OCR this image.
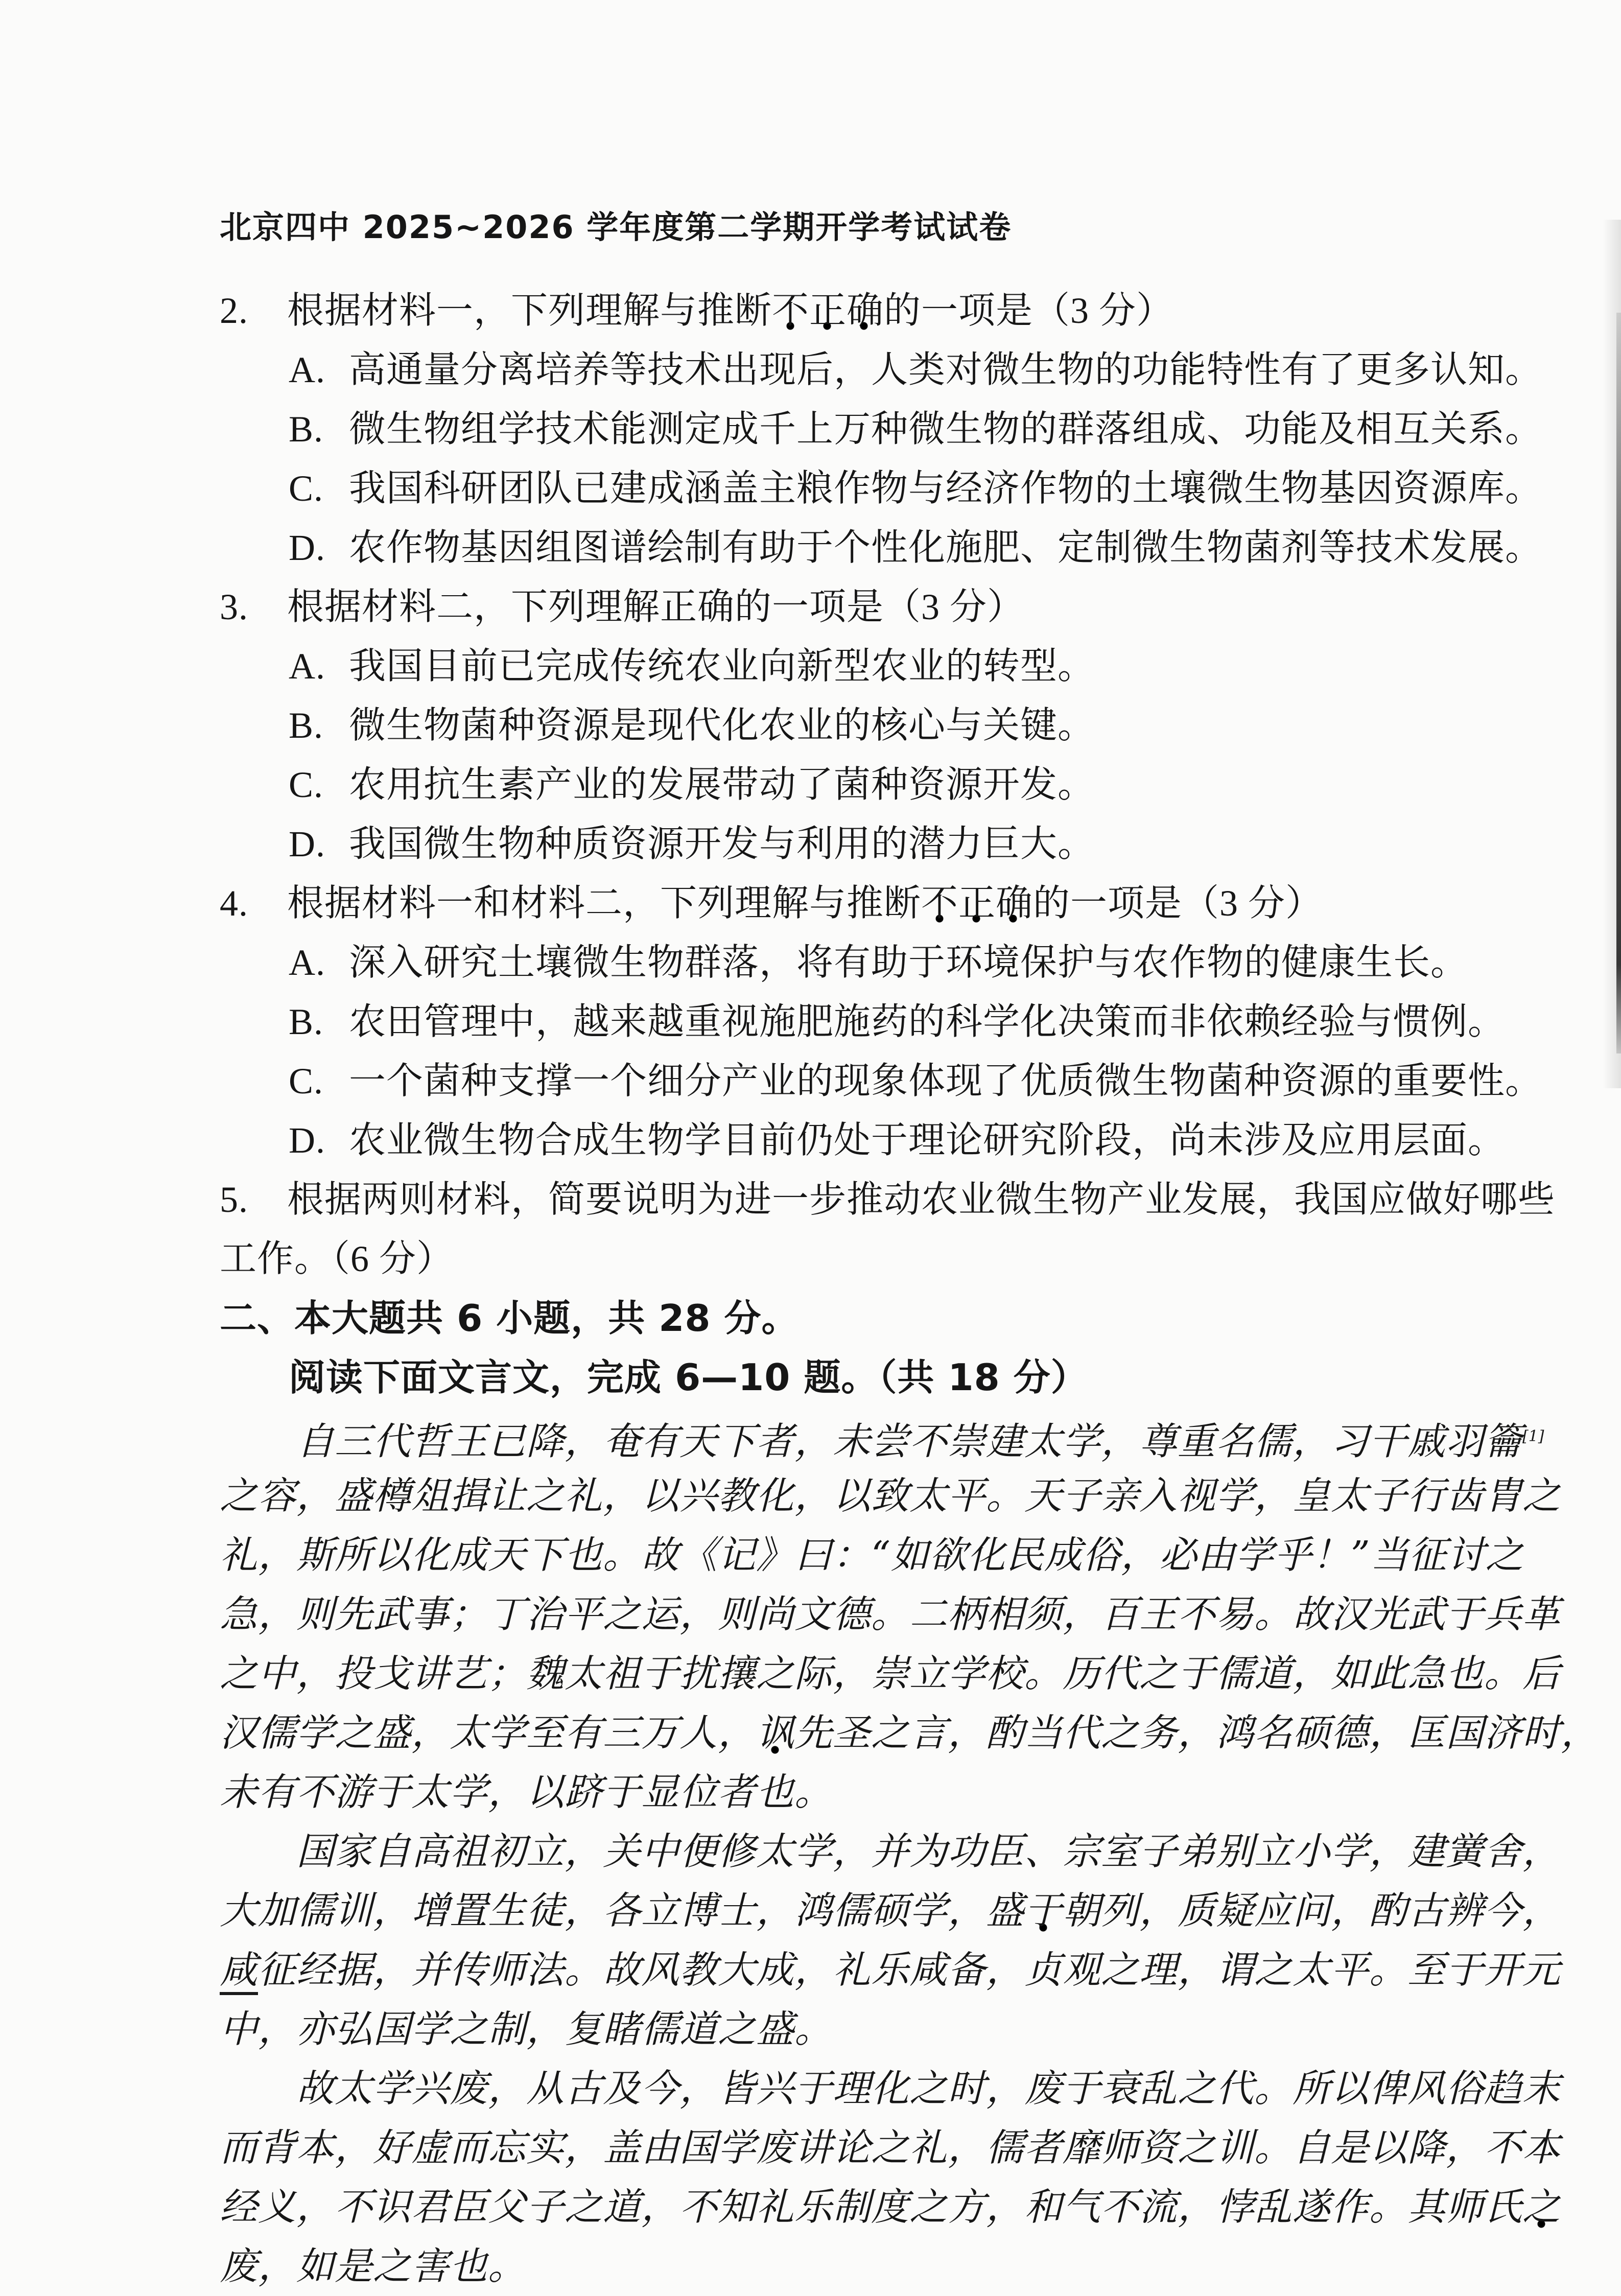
北京四中 2025~2026 学年度第二学期开学考试试卷
2. 根据材料一，下列理解与推断不正确的一项是（3 分）
A. 高通量分离培养等技术出现后，人类对微生物的功能特性有了更多认知。
B. 微生物组学技术能测定成千上万种微生物的群落组成、功能及相互关系。
C. 我国科研团队已建成涵盖主粮作物与经济作物的土壤微生物基因资源库。
D. 农作物基因组图谱绘制有助于个性化施肥、定制微生物菌剂等技术发展。
3. 根据材料二，下列理解正确的一项是（3 分）
A. 我国目前已完成传统农业向新型农业的转型。
B. 微生物菌种资源是现代化农业的核心与关键。
C. 农用抗生素产业的发展带动了菌种资源开发。
D. 我国微生物种质资源开发与利用的潜力巨大。
4. 根据材料一和材料二，下列理解与推断不正确的一项是（3 分）
A. 深入研究土壤微生物群落，将有助于环境保护与农作物的健康生长。
B. 农田管理中，越来越重视施肥施药的科学化决策而非依赖经验与惯例。
C. 一个菌种支撑一个细分产业的现象体现了优质微生物菌种资源的重要性。
D. 农业微生物合成生物学目前仍处于理论研究阶段，尚未涉及应用层面。
5. 根据两则材料，简要说明为进一步推动农业微生物产业发展，我国应做好哪些
工作。（6 分）
二、本大题共 6 小题，共 28 分。
阅读下面文言文，完成 6—10 题。（共 18 分）
自三代哲王已降，奄有天下者，未尝不崇建太学，尊重名儒，习干戚羽籥[1]
之容，盛樽俎揖让之礼，以兴教化，以致太平。天子亲入视学，皇太子行齿胄之
礼，斯所以化成天下也。故《记》曰：“如欲化民成俗，必由学乎！”当征讨之
急，则先武事；丁治平之运，则尚文德。二柄相须，百王不易。故汉光武于兵革
之中，投戈讲艺；魏太祖于扰攘之际，崇立学校。历代之于儒道，如此急也。后
汉儒学之盛，太学至有三万人，讽先圣之言，酌当代之务，鸿名硕德，匡国济时，
未有不游于太学，以跻于显位者也。
国家自高祖初立，关中便修太学，并为功臣、宗室子弟别立小学，建黉舍，
大加儒训，增置生徒，各立博士，鸿儒硕学，盛于朝列，质疑应问，酌古辨今，
咸征经据，并传师法。故风教大成，礼乐咸备，贞观之理，谓之太平。至于开元
中，亦弘国学之制，复睹儒道之盛。
故太学兴废，从古及今，皆兴于理化之时，废于衰乱之代。所以俾风俗趋末
而背本，好虚而忘实，盖由国学废讲论之礼，儒者靡师资之训。自是以降，不本
经义，不识君臣父子之道，不知礼乐制度之方，和气不流，悖乱遂作。其师氏之
废，如是之害也。
